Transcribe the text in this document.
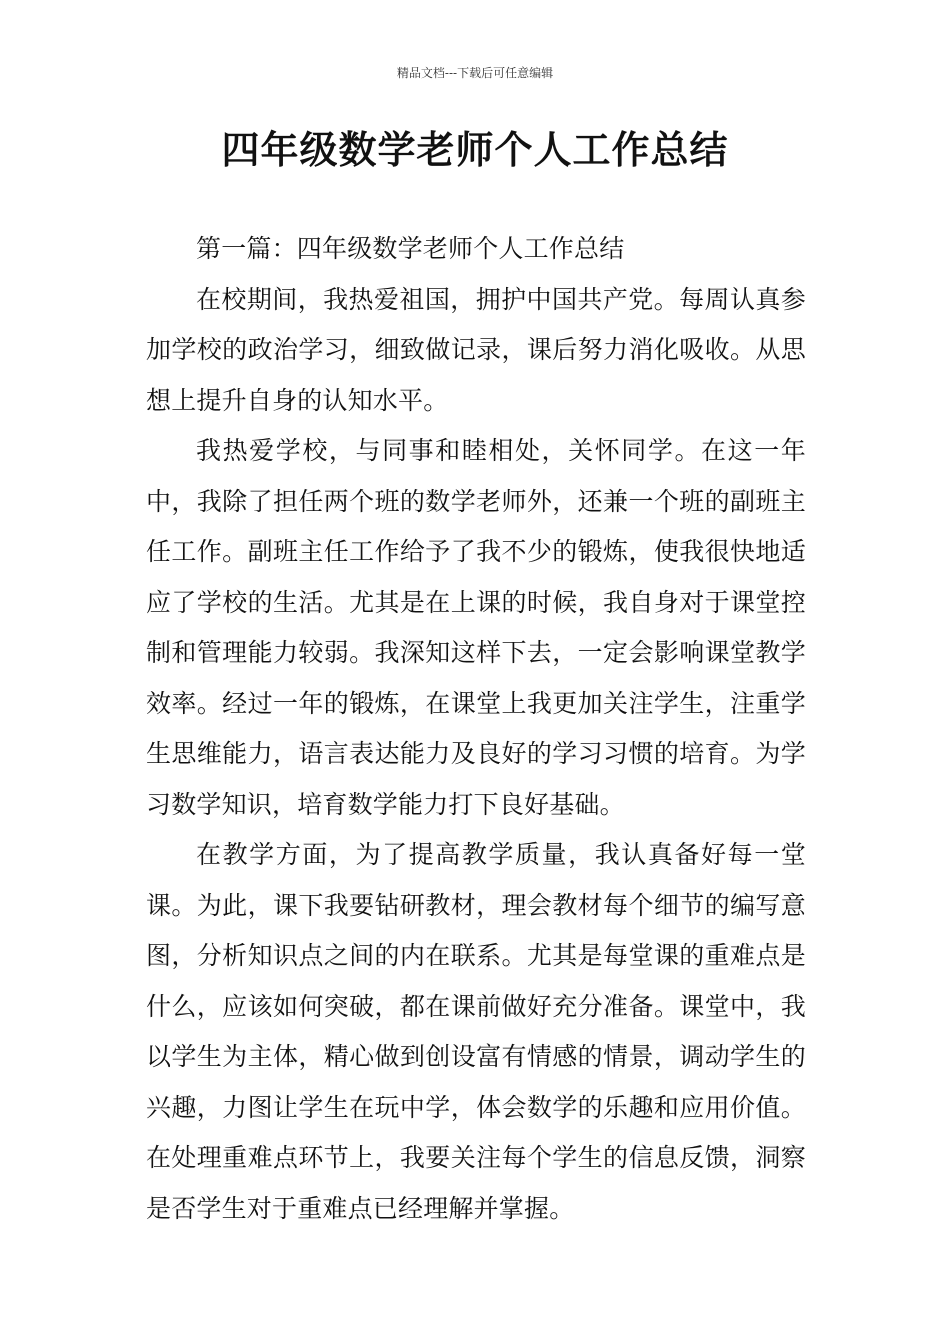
精品文档---下载后可任意编辑
四年级数学老师个人工作总结

第一篇：四年级数学老师个人工作总结

在校期间，我热爱祖国，拥护中国共产党。每周认真参加学校的政治学习，细致做记录，课后努力消化吸收。从思想上提升自身的认知水平。

我热爱学校，与同事和睦相处，关怀同学。在这一年中，我除了担任两个班的数学老师外，还兼一个班的副班主任工作。副班主任工作给予了我不少的锻炼，使我很快地适应了学校的生活。尤其是在上课的时候，我自身对于课堂控制和管理能力较弱。我深知这样下去，一定会影响课堂教学效率。经过一年的锻炼，在课堂上我更加关注学生，注重学生思维能力，语言表达能力及良好的学习习惯的培育。为学习数学知识，培育数学能力打下良好基础。

在教学方面，为了提高教学质量，我认真备好每一堂课。为此，课下我要钻研教材，理会教材每个细节的编写意图，分析知识点之间的内在联系。尤其是每堂课的重难点是什么，应该如何突破，都在课前做好充分准备。课堂中，我以学生为主体，精心做到创设富有情感的情景，调动学生的兴趣，力图让学生在玩中学，体会数学的乐趣和应用价值。在处理重难点环节上，我要关注每个学生的信息反馈，洞察是否学生对于重难点已经理解并掌握。
